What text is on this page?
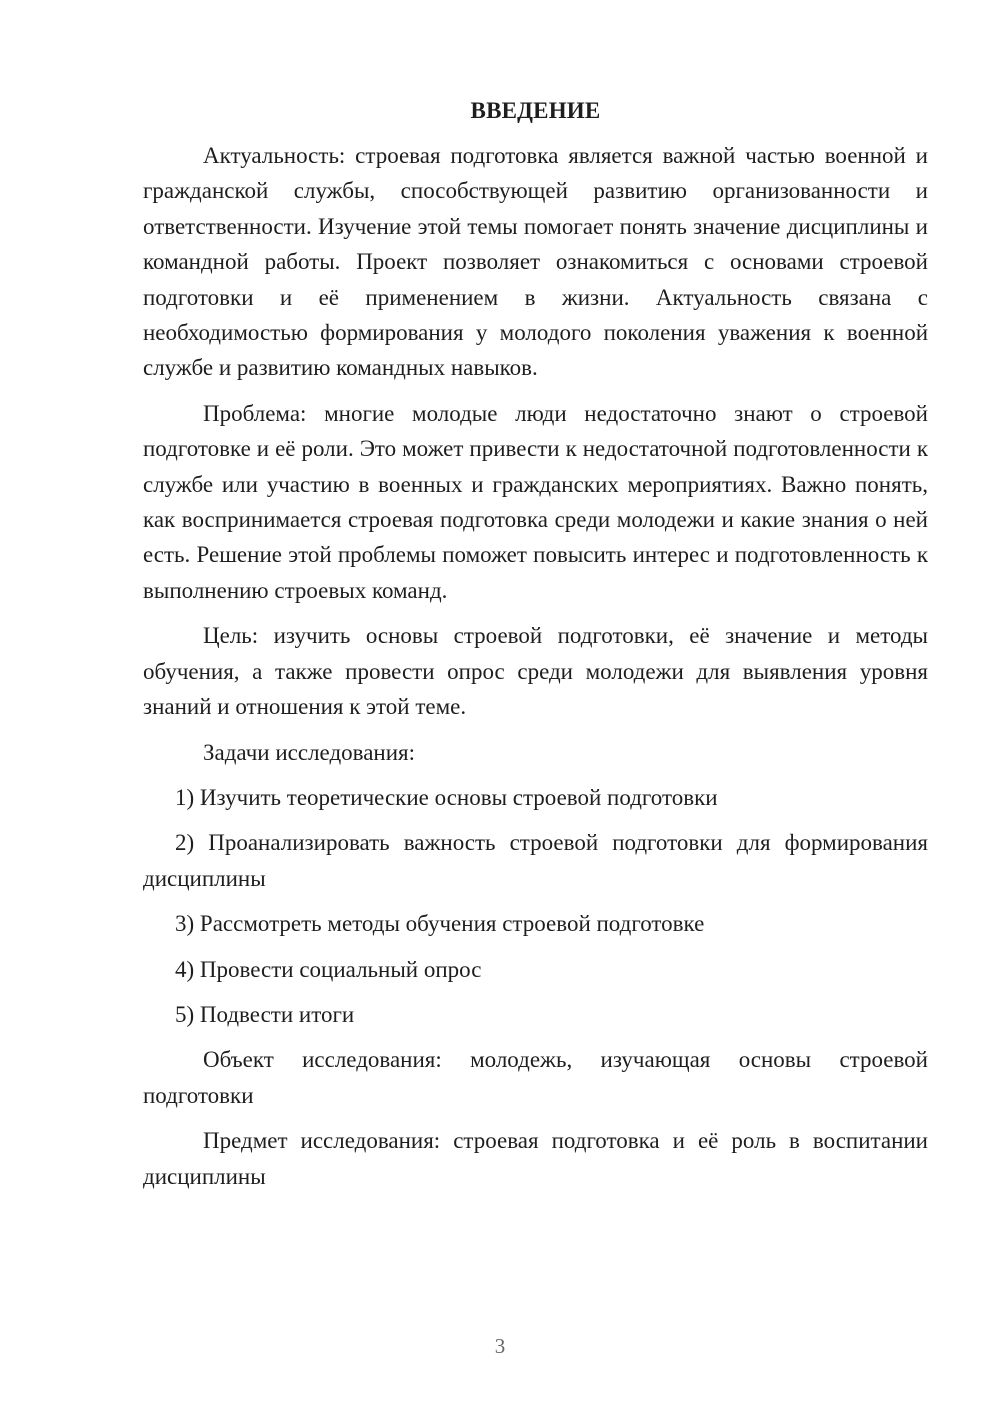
ВВЕДЕНИЕ

Актуальность: строевая подготовка является важной частью военной и гражданской службы, способствующей развитию организованности и ответственности. Изучение этой темы помогает понять значение дисциплины и командной работы. Проект позволяет ознакомиться с основами строевой подготовки и её применением в жизни. Актуальность связана с необходимостью формирования у молодого поколения уважения к военной службе и развитию командных навыков.

Проблема: многие молодые люди недостаточно знают о строевой подготовке и её роли. Это может привести к недостаточной подготовленности к службе или участию в военных и гражданских мероприятиях. Важно понять, как воспринимается строевая подготовка среди молодежи и какие знания о ней есть. Решение этой проблемы поможет повысить интерес и подготовленность к выполнению строевых команд.

Цель: изучить основы строевой подготовки, её значение и методы обучения, а также провести опрос среди молодежи для выявления уровня знаний и отношения к этой теме.

Задачи исследования:

1) Изучить теоретические основы строевой подготовки

2) Проанализировать важность строевой подготовки для формирования дисциплины

3) Рассмотреть методы обучения строевой подготовке

4) Провести социальный опрос

5) Подвести итоги

Объект исследования: молодежь, изучающая основы строевой подготовки

Предмет исследования: строевая подготовка и её роль в воспитании дисциплины

3
